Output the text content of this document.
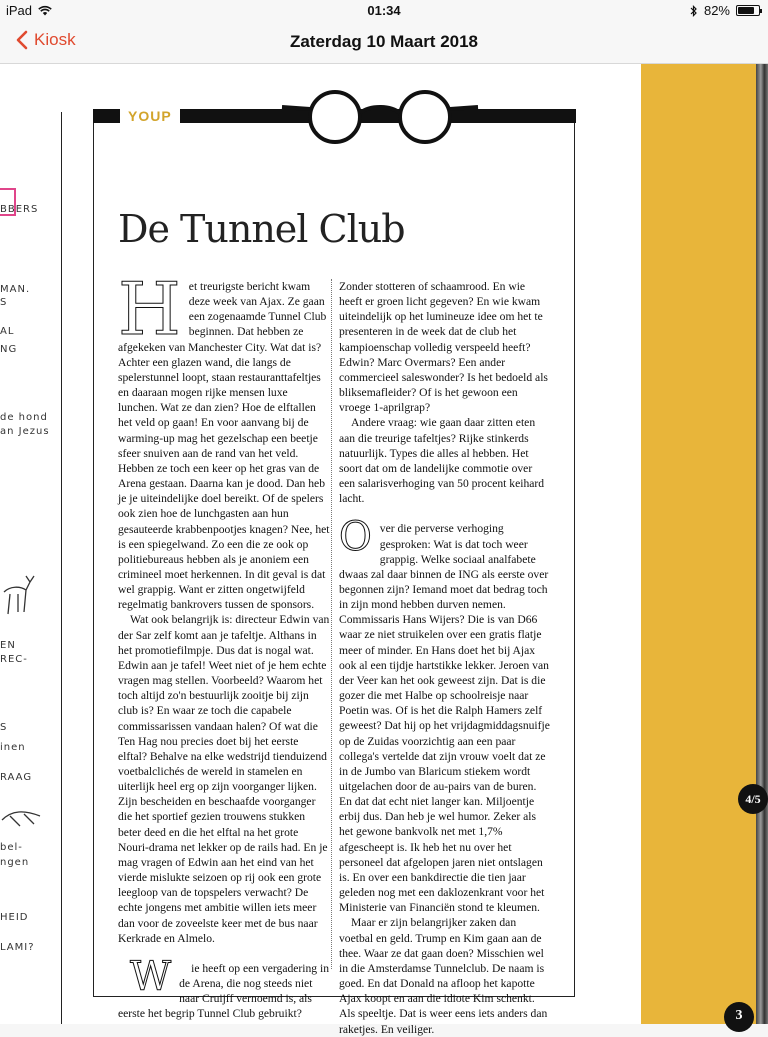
iPad	01:34	82%
Kiosk	Zaterdag 10 Maart 2018
BBERS
MAN.
S
AL
NG
de hond
an Jezus
EN
REC-
S
inen
RAAG
bel-
ngen
HEID
LAMI?
4/5
3
YOUP
De Tunnel Club

Het treurigste bericht kwam deze week van Ajax. Ze gaan een zogenaamde Tunnel Club beginnen. Dat hebben ze afgekeken van Manchester City. Wat dat is? Achter een glazen wand, die langs de spelerstunnel loopt, staan restauranttafeltjes en daaraan mogen rijke mensen luxe lunchen. Wat ze dan zien? Hoe de elftallen het veld op gaan! En voor aanvang bij de warming-up mag het gezelschap een beetje sfeer snuiven aan de rand van het veld. Hebben ze toch een keer op het gras van de Arena gestaan. Daarna kan je dood. Dan heb je je uiteindelijke doel bereikt. Of de spelers ook zien hoe de lunchgasten aan hun gesauteerde krabbenpootjes knagen? Nee, het is een spiegelwand. Zo een die ze ook op politiebureaus hebben als je anoniem een crimineel moet herkennen. In dit geval is dat wel grappig. Want er zitten ongetwijfeld regelmatig bankrovers tussen de sponsors.

Wat ook belangrijk is: directeur Edwin van der Sar zelf komt aan je tafeltje. Althans in het promotiefilmpje. Dus dat is nogal wat. Edwin aan je tafel! Weet niet of je hem echte vragen mag stellen. Voorbeeld? Waarom het toch altijd zo'n bestuurlijk zooitje bij zijn club is? En waar ze toch die capabele commissarissen vandaan halen? Of wat die Ten Hag nou precies doet bij het eerste elftal? Behalve na elke wedstrijd tienduizend voetbalclichés de wereld in stamelen en uiterlijk heel erg op zijn voorganger lijken. Zijn bescheiden en beschaafde voorganger die het sportief gezien trouwens stukken beter deed en die het elftal na het grote Nouri-drama net lekker op de rails had. En je mag vragen of Edwin aan het eind van het vierde mislukte seizoen op rij ook een grote leegloop van de topspelers verwacht? De echte jongens met ambitie willen iets meer dan voor de zoveelste keer met de bus naar Kerkrade en Almelo.

W ie heeft op een vergadering in de Arena, die nog steeds niet naar Cruijff vernoemd is, als eerste het begrip Tunnel Club gebruikt?

Zonder stotteren of schaamrood. En wie heeft er groen licht gegeven? En wie kwam uiteindelijk op het lumineuze idee om het te presenteren in de week dat de club het kampioenschap volledig verspeeld heeft? Edwin? Marc Overmars? Een ander commercieel saleswonder? Is het bedoeld als bliksemafleider? Of is het gewoon een vroege 1-aprilgrap?

Andere vraag: wie gaan daar zitten eten aan die treurige tafeltjes? Rijke stinkerds natuurlijk. Types die alles al hebben. Het soort dat om de landelijke commotie over een salarisverhoging van 50 procent keihard lacht.

Over die perverse verhoging gesproken: Wat is dat toch weer grappig. Welke sociaal analfabete dwaas zal daar binnen de ING als eerste over begonnen zijn? Iemand moet dat bedrag toch in zijn mond hebben durven nemen. Commissaris Hans Wijers? Die is van D66 waar ze niet struikelen over een gratis flatje meer of minder. En Hans doet het bij Ajax ook al een tijdje hartstikke lekker. Jeroen van der Veer kan het ook geweest zijn. Dat is die gozer die met Halbe op schoolreisje naar Poetin was. Of is het die Ralph Hamers zelf geweest? Dat hij op het vrijdagmiddagsnuifje op de Zuidas voorzichtig aan een paar collega's vertelde dat zijn vrouw voelt dat ze in de Jumbo van Blaricum stiekem wordt uitgelachen door de au-pairs van de buren. En dat dat echt niet langer kan. Miljoentje erbij dus. Dan heb je wel humor. Zeker als het gewone bankvolk net met 1,7% afgescheept is. Ik heb het nu over het personeel dat afgelopen jaren niet ontslagen is. En over een bankdirectie die tien jaar geleden nog met een daklozenkrant voor het Ministerie van Financiën stond te kleumen.

Maar er zijn belangrijker zaken dan voetbal en geld. Trump en Kim gaan aan de thee. Waar ze dat gaan doen? Misschien wel in die Amsterdamse Tunnelclub. De naam is goed. En dat Donald na afloop het kapotte Ajax koopt en aan die idiote Kim schenkt. Als speeltje. Dat is weer eens iets anders dan raketjes. En veiliger.
